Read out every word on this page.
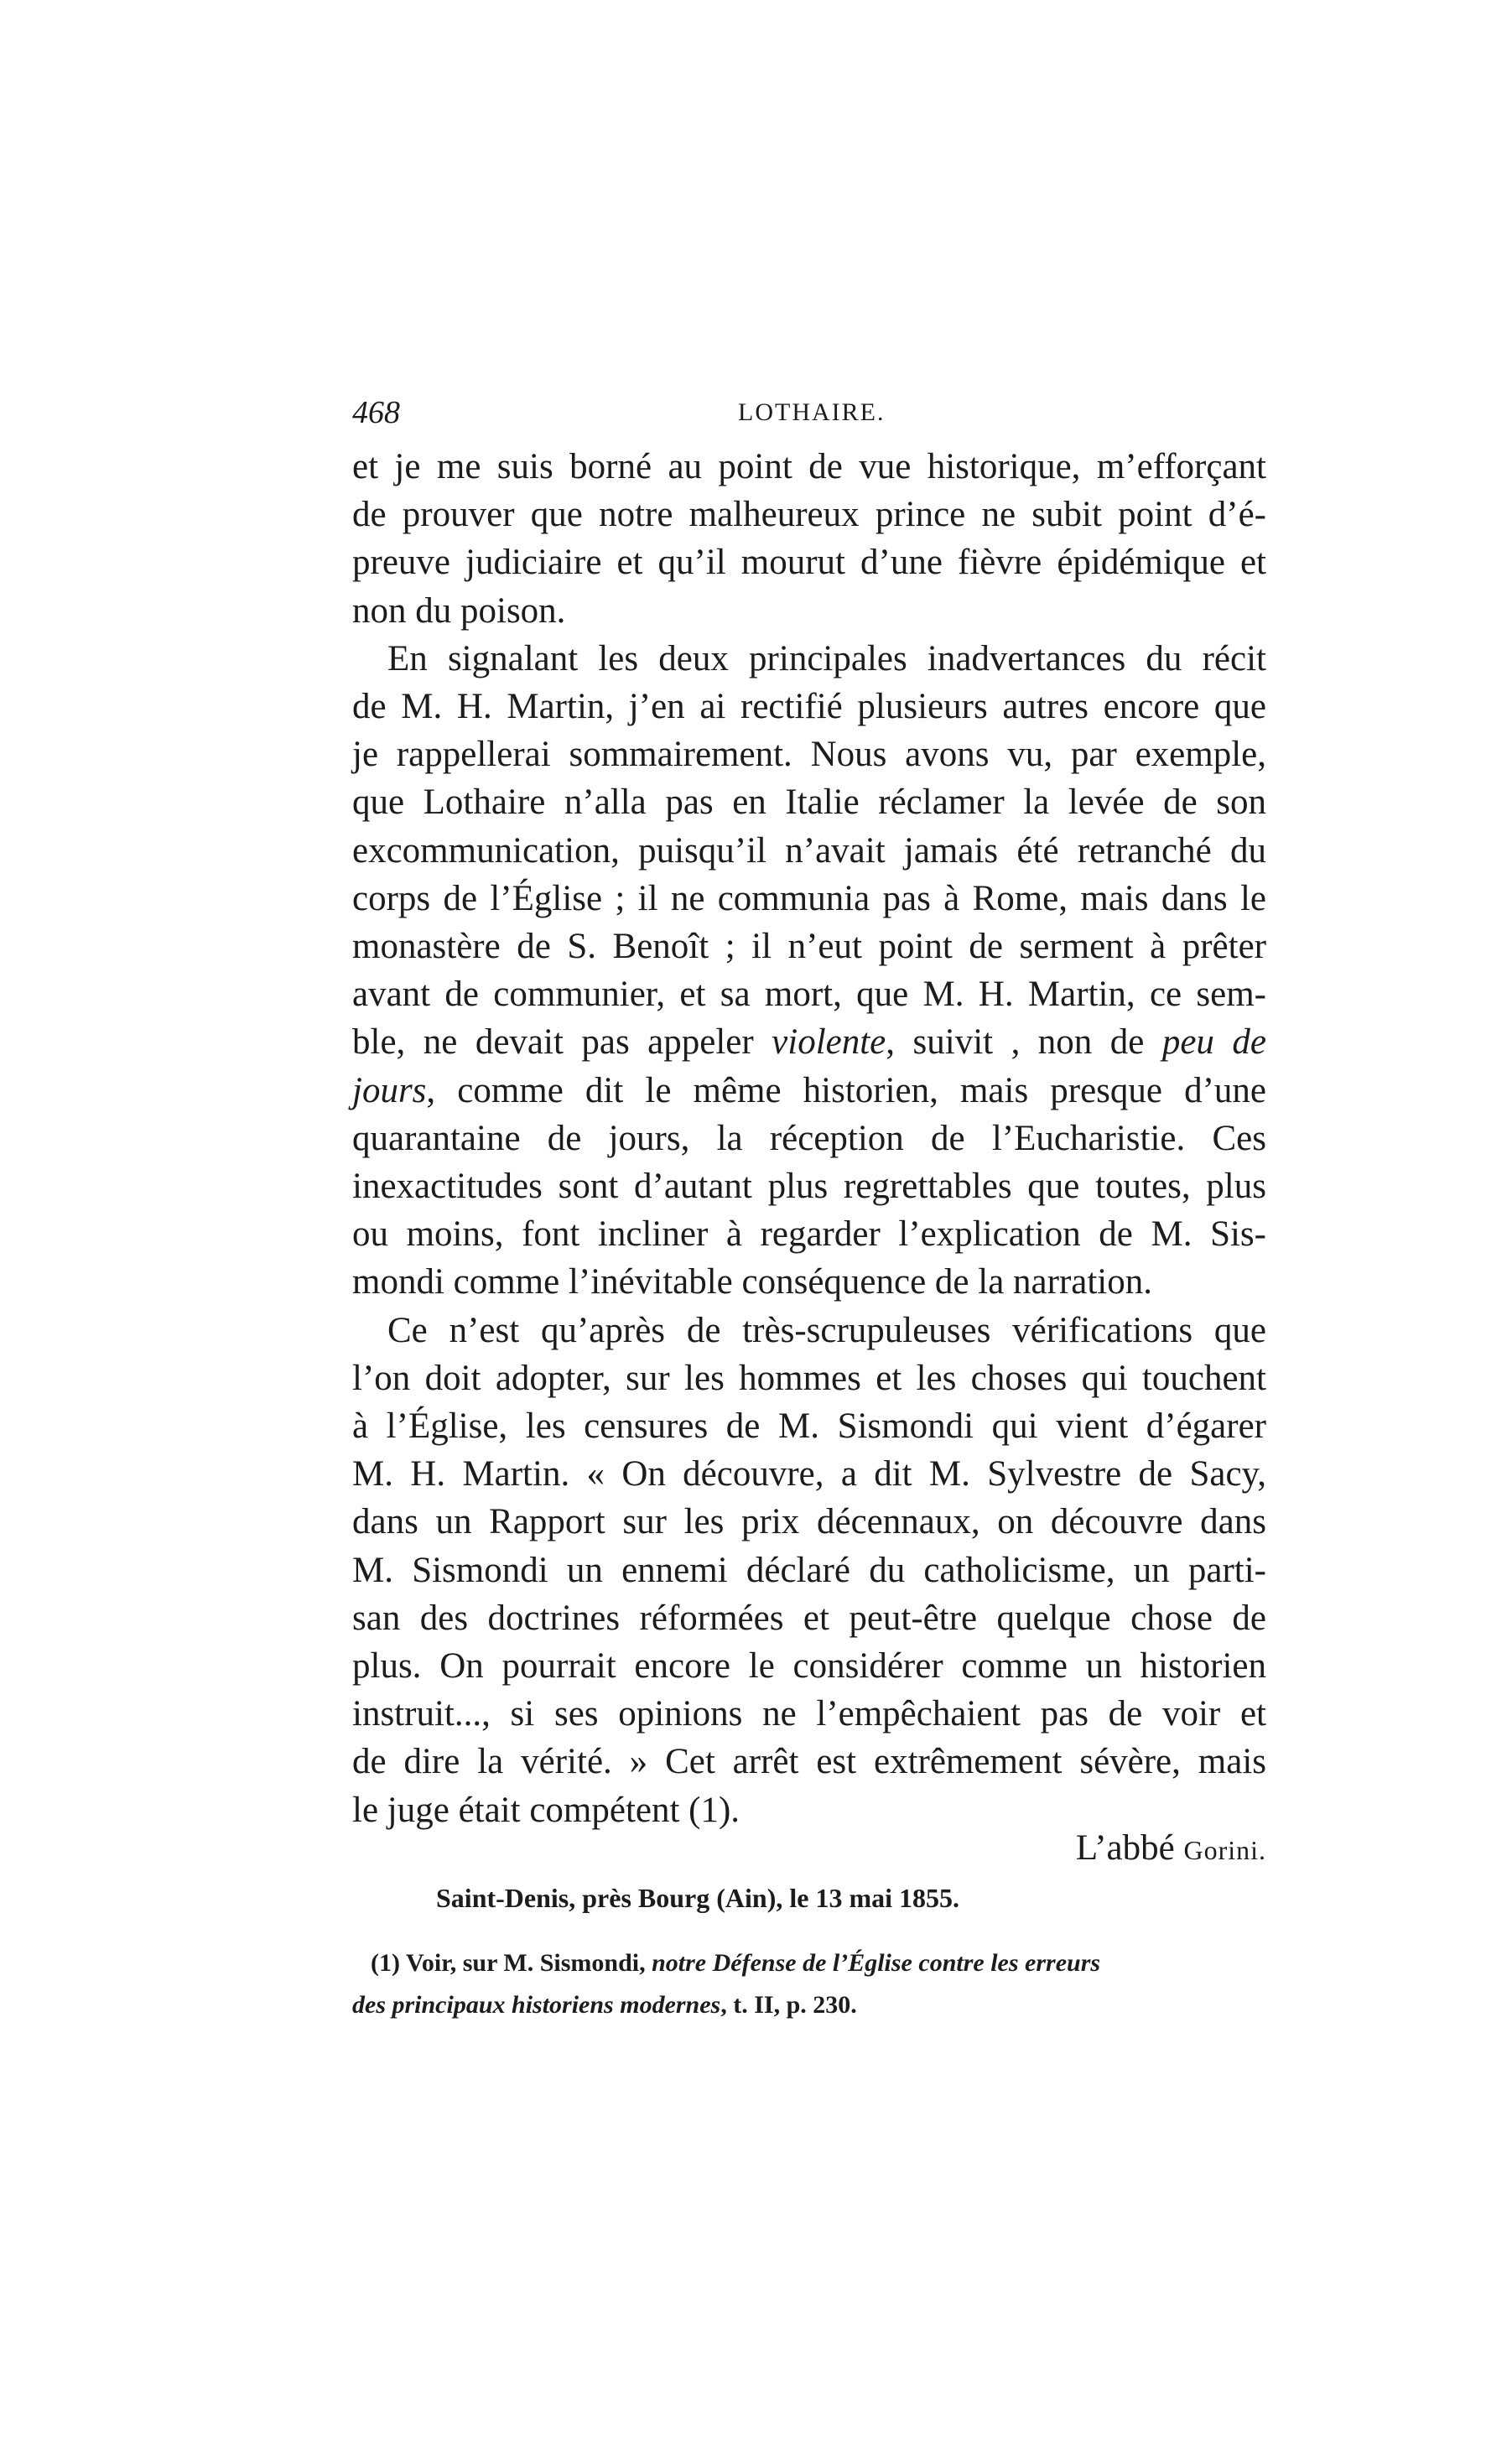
468	LOTHAIRE.

et je me suis borné au point de vue historique, m’efforçant
de prouver que notre malheureux prince ne subit point d’é-
preuve judiciaire et qu’il mourut d’une fièvre épidémique et
non du poison.

En signalant les deux principales inadvertances du récit
de M. H. Martin, j’en ai rectifié plusieurs autres encore que
je rappellerai sommairement. Nous avons vu, par exemple,
que Lothaire n’alla pas en Italie réclamer la levée de son
excommunication, puisqu’il n’avait jamais été retranché du
corps de l’Église ; il ne communia pas à Rome, mais dans le
monastère de S. Benoît ; il n’eut point de serment à prêter
avant de communier, et sa mort, que M. H. Martin, ce sem-
ble, ne devait pas appeler violente, suivit , non de peu de
jours, comme dit le même historien, mais presque d’une
quarantaine de jours, la réception de l’Eucharistie. Ces
inexactitudes sont d’autant plus regrettables que toutes, plus
ou moins, font incliner à regarder l’explication de M. Sis-
mondi comme l’inévitable conséquence de la narration.

Ce n’est qu’après de très-scrupuleuses vérifications que
l’on doit adopter, sur les hommes et les choses qui touchent
à l’Église, les censures de M. Sismondi qui vient d’égarer
M. H. Martin. « On découvre, a dit M. Sylvestre de Sacy,
dans un Rapport sur les prix décennaux, on découvre dans
M. Sismondi un ennemi déclaré du catholicisme, un parti-
san des doctrines réformées et peut-être quelque chose de
plus. On pourrait encore le considérer comme un historien
instruit..., si ses opinions ne l’empêchaient pas de voir et
de dire la vérité. » Cet arrêt est extrêmement sévère, mais
le juge était compétent (1).

L’abbé Gorini.
Saint-Denis, près Bourg (Ain), le 13 mai 1855.
(1) Voir, sur M. Sismondi, notre Défense de l’Église contre les erreurs
des principaux historiens modernes, t. II, p. 230.
